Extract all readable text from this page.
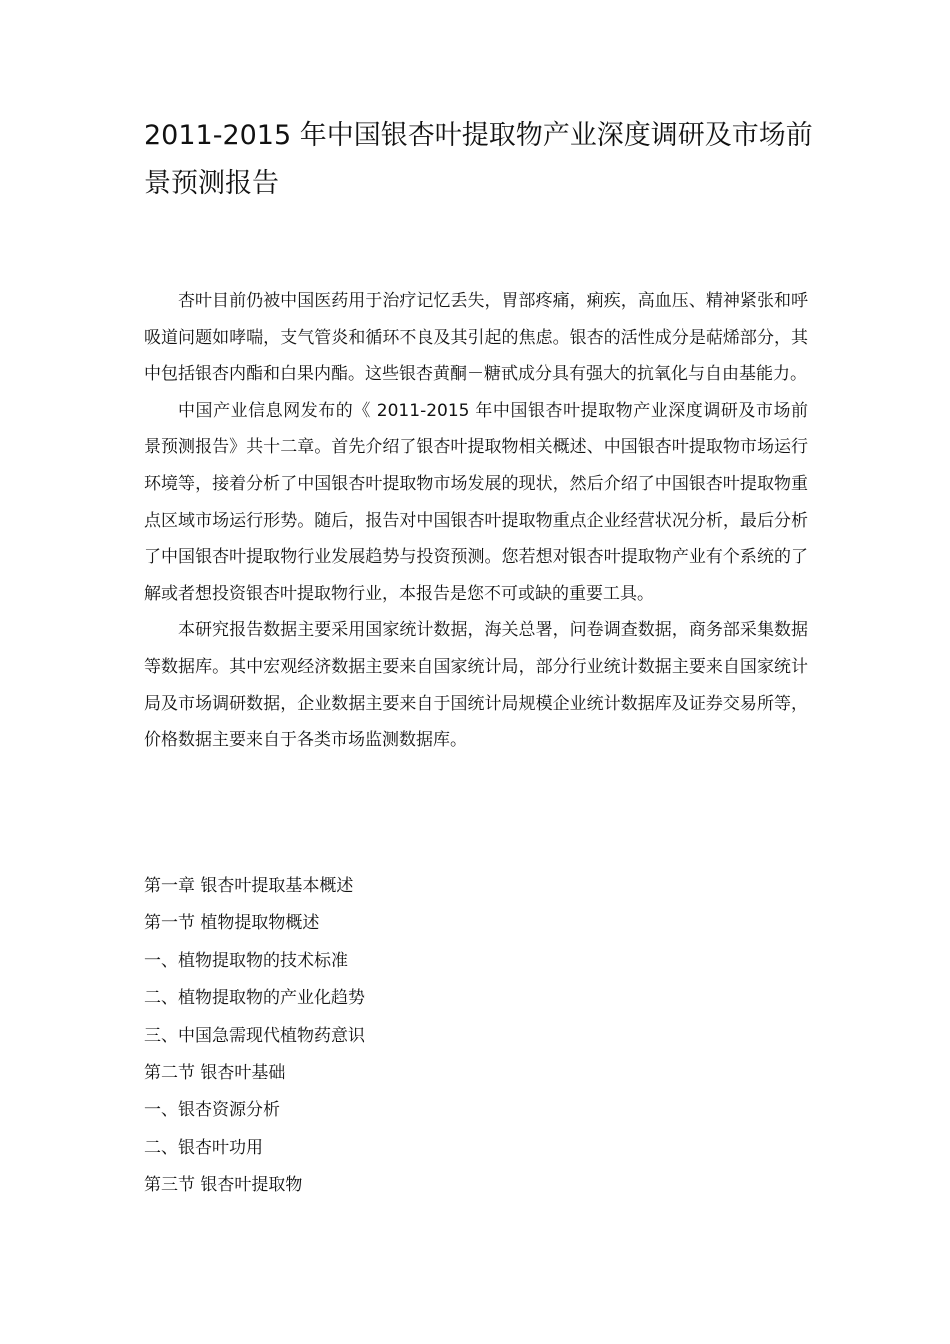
2011-2015 年中国银杏叶提取物产业深度调研及市场前景预测报告

杏叶目前仍被中国医药用于治疗记忆丢失，胃部疼痛，痢疾，高血压、精神紧张和呼吸道问题如哮喘，支气管炎和循环不良及其引起的焦虑。银杏的活性成分是萜烯部分，其中包括银杏内酯和白果内酯。这些银杏黄酮－糖甙成分具有强大的抗氧化与自由基能力。

中国产业信息网发布的《 2011-2015 年中国银杏叶提取物产业深度调研及市场前景预测报告》共十二章。首先介绍了银杏叶提取物相关概述、中国银杏叶提取物市场运行环境等，接着分析了中国银杏叶提取物市场发展的现状，然后介绍了中国银杏叶提取物重点区域市场运行形势。随后，报告对中国银杏叶提取物重点企业经营状况分析，最后分析了中国银杏叶提取物行业发展趋势与投资预测。您若想对银杏叶提取物产业有个系统的了解或者想投资银杏叶提取物行业，本报告是您不可或缺的重要工具。

本研究报告数据主要采用国家统计数据，海关总署，问卷调查数据，商务部采集数据等数据库。其中宏观经济数据主要来自国家统计局，部分行业统计数据主要来自国家统计局及市场调研数据，企业数据主要来自于国统计局规模企业统计数据库及证券交易所等，价格数据主要来自于各类市场监测数据库。

第一章 银杏叶提取基本概述
第一节 植物提取物概述
一、植物提取物的技术标准
二、植物提取物的产业化趋势
三、中国急需现代植物药意识
第二节 银杏叶基础
一、银杏资源分析
二、银杏叶功用
第三节 银杏叶提取物
